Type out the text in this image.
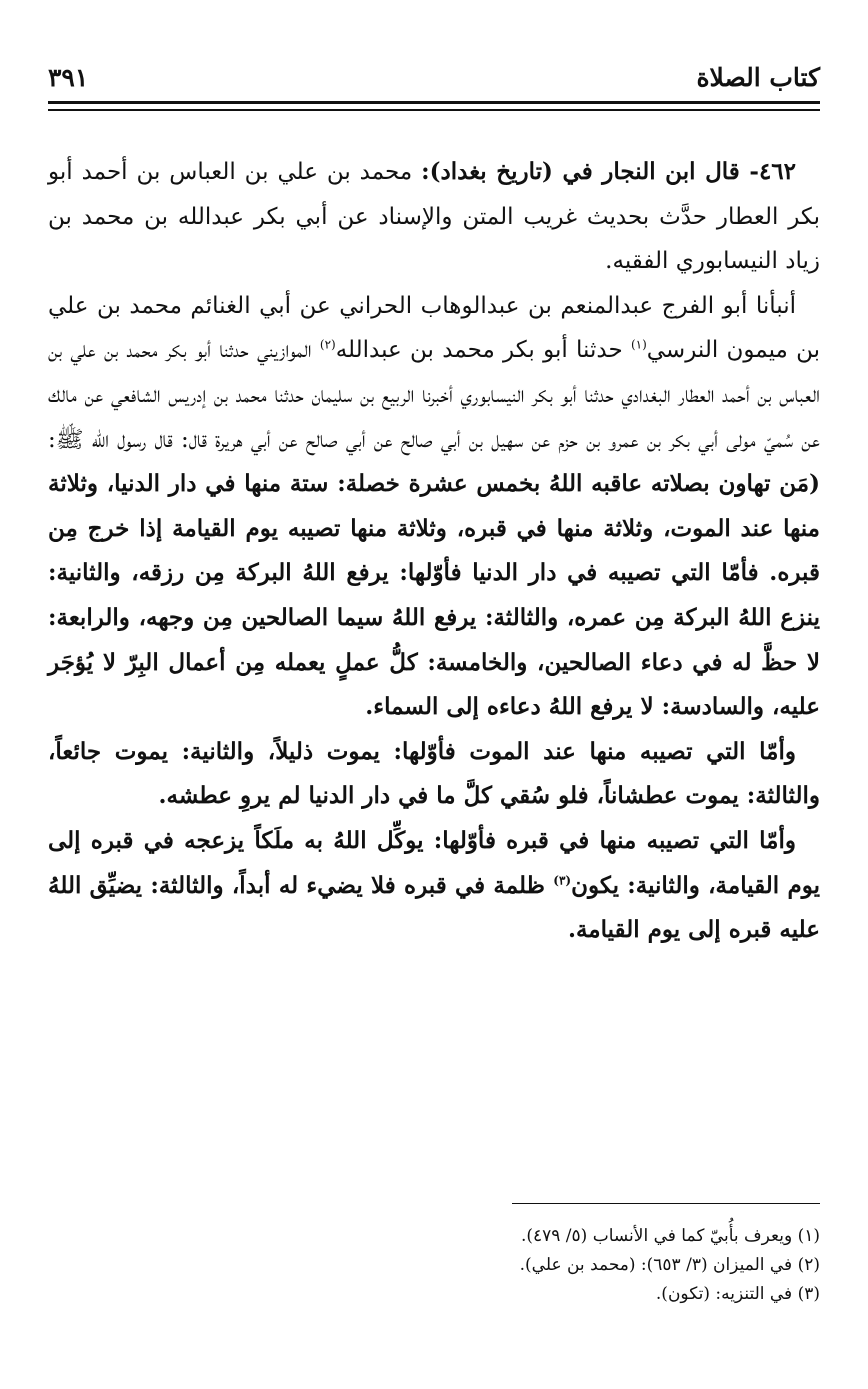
كتاب الصلاة
٣٩١

٤٦٢- قال ابن النجار في (تاريخ بغداد): محمد بن علي بن العباس بن أحمد أبو بكر العطار حدَّث بحديث غريب المتن والإسناد عن أبي بكر عبدالله بن محمد بن زياد النيسابوري الفقيه.

أنبأنا أبو الفرج عبدالمنعم بن عبدالوهاب الحراني عن أبي الغنائم محمد بن علي بن ميمون النرسي$^{(١)}$ حدثنا أبو بكر محمد بن عبدالله$^{(٢)}$ الموازيني حدثنا أبو بكر محمد بن علي بن العباس بن أحمد العطار البغدادي حدثنا أبو بكر النيسابوري أخبرنا الربيع بن سليمان حدثنا محمد بن إدريس الشافعي عن مالك عن سُميّ مولى أبي بكر بن عمرو بن حزم عن سهيل بن أبي صالح عن أبي صالح عن أبي هريرة قال: قال رسول الله ﷺ: (مَن تهاون بصلاته عاقبه اللهُ بخمس عشرة خصلة: ستة منها في دار الدنيا، وثلاثة منها عند الموت، وثلاثة منها في قبره، وثلاثة منها تصيبه يوم القيامة إذا خرج مِن قبره. فأمّا التي تصيبه في دار الدنيا فأوّلها: يرفع اللهُ البركة مِن رزقه، والثانية: ينزع اللهُ البركة مِن عمره، والثالثة: يرفع اللهُ سيما الصالحين مِن وجهه، والرابعة: لا حظَّ له في دعاء الصالحين، والخامسة: كلُّ عملٍ يعمله مِن أعمال البِرّ لا يُؤجَر عليه، والسادسة: لا يرفع اللهُ دعاءه إلى السماء.

وأمّا التي تصيبه منها عند الموت فأوّلها: يموت ذليلاً، والثانية: يموت جائعاً، والثالثة: يموت عطشاناً، فلو سُقي كلَّ ما في دار الدنيا لم يروِ عطشه.

وأمّا التي تصيبه منها في قبره فأوّلها: يوكِّل اللهُ به ملَكاً يزعجه في قبره إلى يوم القيامة، والثانية: يكون$^{(٣)}$ ظلمة في قبره فلا يضيء له أبداً، والثالثة: يضيِّق اللهُ عليه قبره إلى يوم القيامة.

(١) ويعرف بأُبيّ كما في الأنساب (٥/ ٤٧٩).

(٢) في الميزان (٣/ ٦٥٣): (محمد بن علي).

(٣) في التنزيه: (تكون).
